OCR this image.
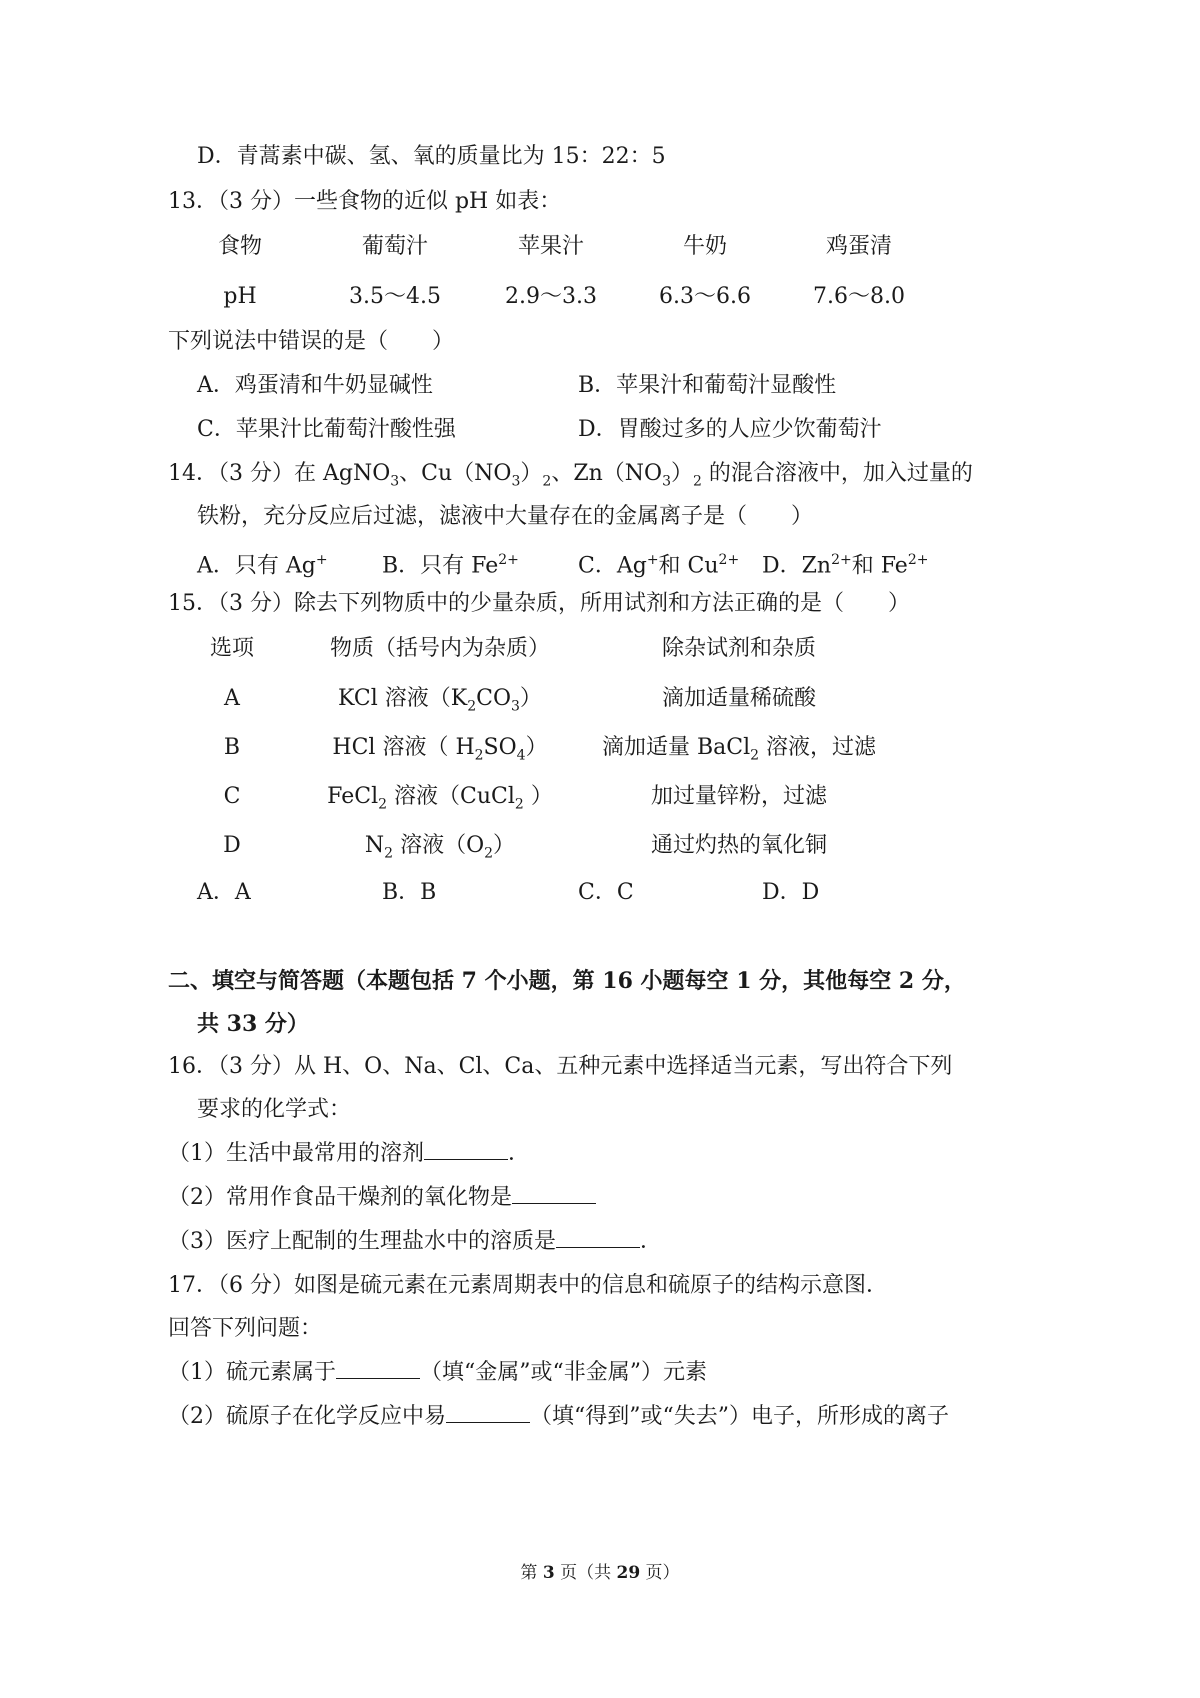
D．青蒿素中碳、氢、氧的质量比为 15：22：5
13．（3 分）一些食物的近似 pH 如表：
食物	葡萄汁	苹果汁	牛奶	鸡蛋清
pH	3.5～4.5	2.9～3.3	6.3～6.6	7.6～8.0
下列说法中错误的是（　　）
A．鸡蛋清和牛奶显碱性	B．苹果汁和葡萄汁显酸性
C．苹果汁比葡萄汁酸性强	D．胃酸过多的人应少饮葡萄汁
14．（3 分）在 AgNO$_3$、$Cu(NO_3)_2$、$Zn(NO_3)_2$ 的混合溶液中，加入过量的
铁粉，充分反应后过滤，滤液中大量存在的金属离子是（　　）
A．只有 Ag+ B．只有 $Fe^{2+}$	C．Ag+和 $Cu^{2+}$ D．$Zn^{2+}$和 $Fe^{2+}$
15．（3 分）除去下列物质中的少量杂质，所用试剂和方法正确的是（　　）
选项	物质（括号内为杂质）	除杂试剂和杂质
A	KCl 溶液$(K_2CO_3)$	滴加适量稀硫酸
B	HCl 溶液（ $H_2SO_4$） 滴加适量 BaCl$_2$ 溶液，过滤
C	FeCl$_2$ 溶液（CuCl$_2$ ）	加过量锌粉，过滤
D	$N_2$ 溶液$(O_2)$	通过灼热的氧化铜
A．A	B．B	C．C	D．D
二、填空与简答题（本题包括 7 个小题，第 16 小题每空 1 分，其他每空 2 分，
共 33 分）
16．（3 分）从 H、O、Na、Cl、Ca、五种元素中选择适当元素，写出符合下列
要求的化学式：
（1）生活中最常用的溶剂	．
（2）常用作食品干燥剂的氧化物是
（3）医疗上配制的生理盐水中的溶质是	．
17．（6 分）如图是硫元素在元素周期表中的信息和硫原子的结构示意图．
回答下列问题：
（1）硫元素属于	（填“金属”或“非金属”）元素
（2）硫原子在化学反应中易	（填“得到”或“失去”）电子，所形成的离子
第 3 页（共 29 页）
